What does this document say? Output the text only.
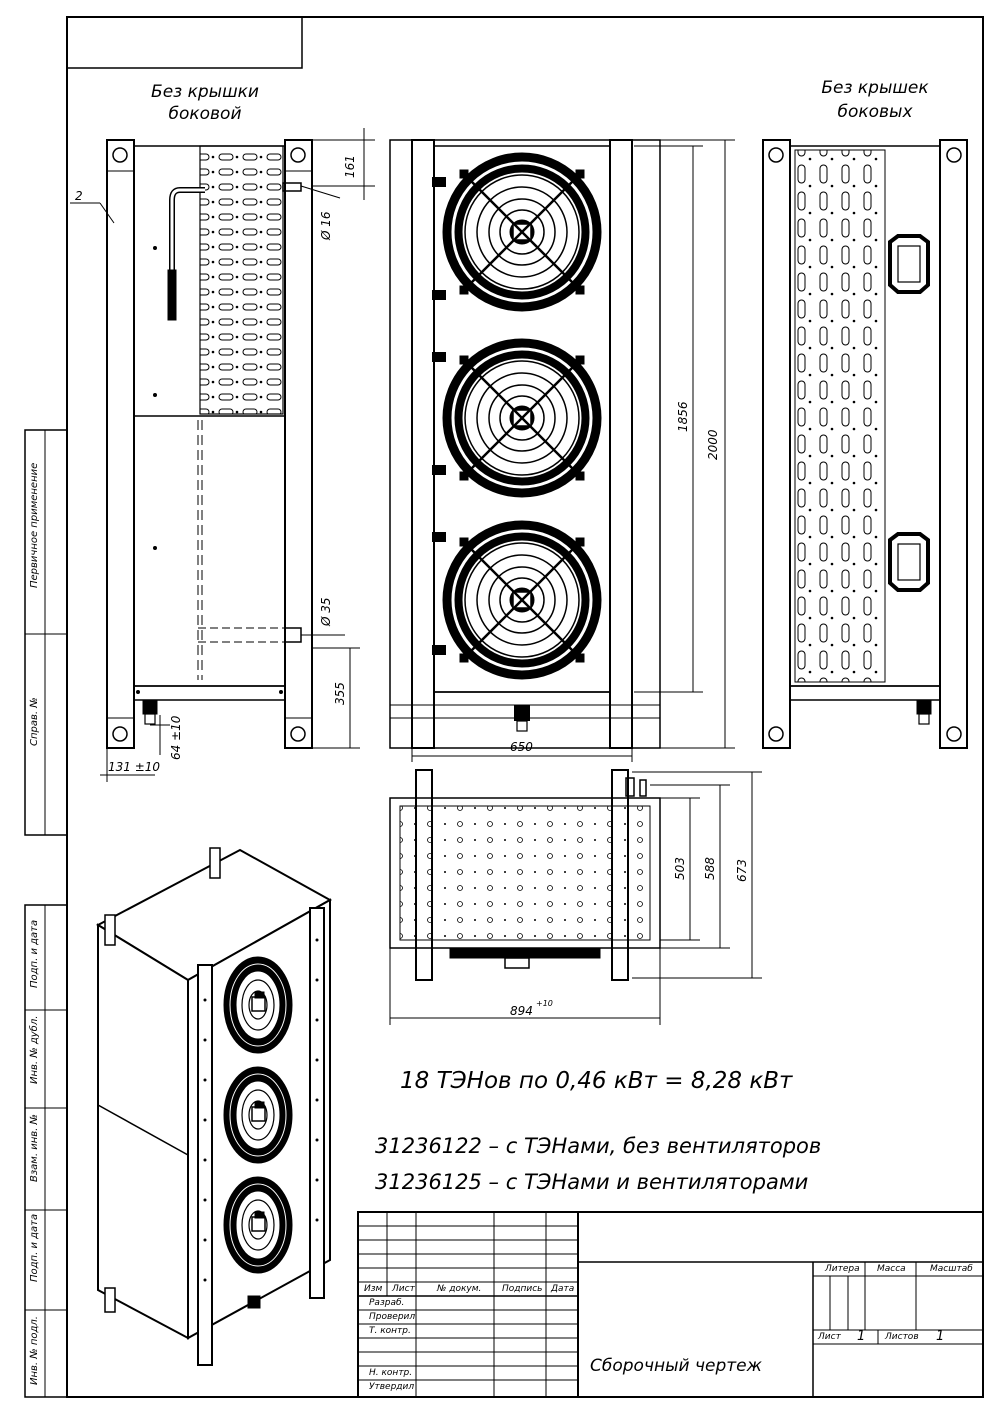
Без крышки
боковой
Без крышек
боковых
2
161
Ø 16
Ø 35
355
64 ±10
131 ±10
1856
2000
650
503 588 673
894
+10
18 ТЭНов по 0,46 кВт = 8,28 кВт
31236122 – с ТЭНами, без вентиляторов
31236125 – с ТЭНами и вентиляторами
Первичное применение
Справ. №
Подп. и дата
Инв. № дубл.
Взам. инв. №
Подп. и дата
Инв. № подл.
Изм Лист № докум. Подпись Дата
Разраб.
Проверил
Т. контр.
Н. контр.
Утвердил
Сборочный чертеж
Литера Масса	Масштаб
Лист 1 Листов 1
